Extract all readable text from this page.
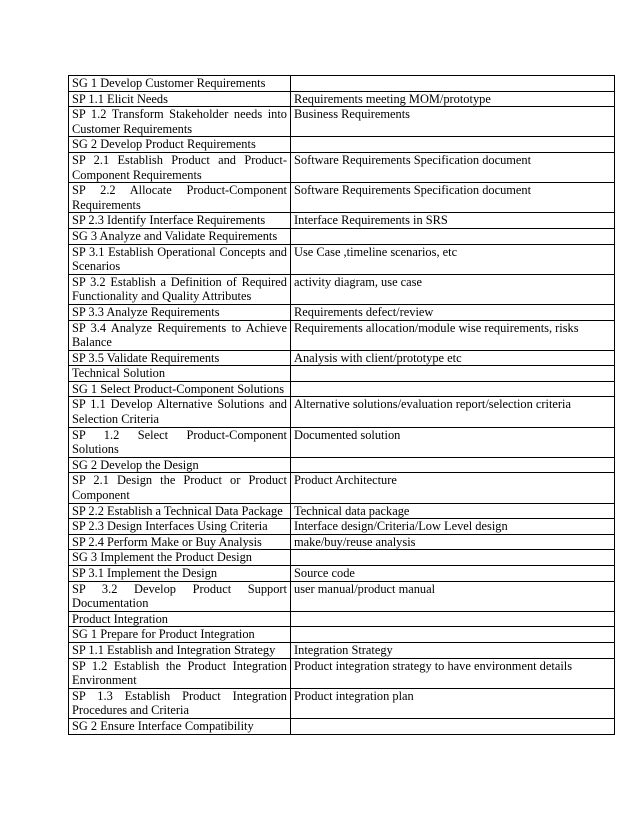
SG 1 Develop Customer Requirements	
SP 1.1 Elicit Needs	Requirements meeting MOM/prototype
SP 1.2 Transform Stakeholder needs into Customer Requirements	Business Requirements
SG 2 Develop Product Requirements	
SP 2.1 Establish Product and Product-Component Requirements	Software Requirements Specification document
SP 2.2 Allocate Product-Component Requirements	Software Requirements Specification document
SP 2.3 Identify Interface Requirements	Interface Requirements in SRS
SG 3 Analyze and Validate Requirements	
SP 3.1 Establish Operational Concepts and Scenarios	Use Case ,timeline scenarios, etc
SP 3.2 Establish a Definition of Required Functionality and Quality Attributes	activity diagram, use case
SP 3.3 Analyze Requirements	Requirements defect/review
SP 3.4 Analyze Requirements to Achieve Balance	Requirements allocation/module wise requirements, risks
SP 3.5 Validate Requirements	Analysis with client/prototype etc
Technical Solution	
SG 1 Select Product-Component Solutions	
SP 1.1 Develop Alternative Solutions and Selection Criteria	Alternative solutions/evaluation report/selection criteria
SP 1.2 Select Product-Component Solutions	Documented solution
SG 2 Develop the Design	
SP 2.1 Design the Product or Product Component	Product Architecture
SP 2.2 Establish a Technical Data Package	Technical data package
SP 2.3 Design Interfaces Using Criteria	Interface design/Criteria/Low Level design
SP 2.4 Perform Make or Buy Analysis	make/buy/reuse analysis
SG 3 Implement the Product Design	
SP 3.1 Implement the Design	Source code
SP 3.2 Develop Product Support Documentation	user manual/product manual
Product Integration	
SG 1 Prepare for Product Integration	
SP 1.1 Establish and Integration Strategy	Integration Strategy
SP 1.2 Establish the Product Integration Environment	Product integration strategy to have environment details
SP 1.3 Establish Product Integration Procedures and Criteria	Product integration plan
SG 2 Ensure Interface Compatibility	
